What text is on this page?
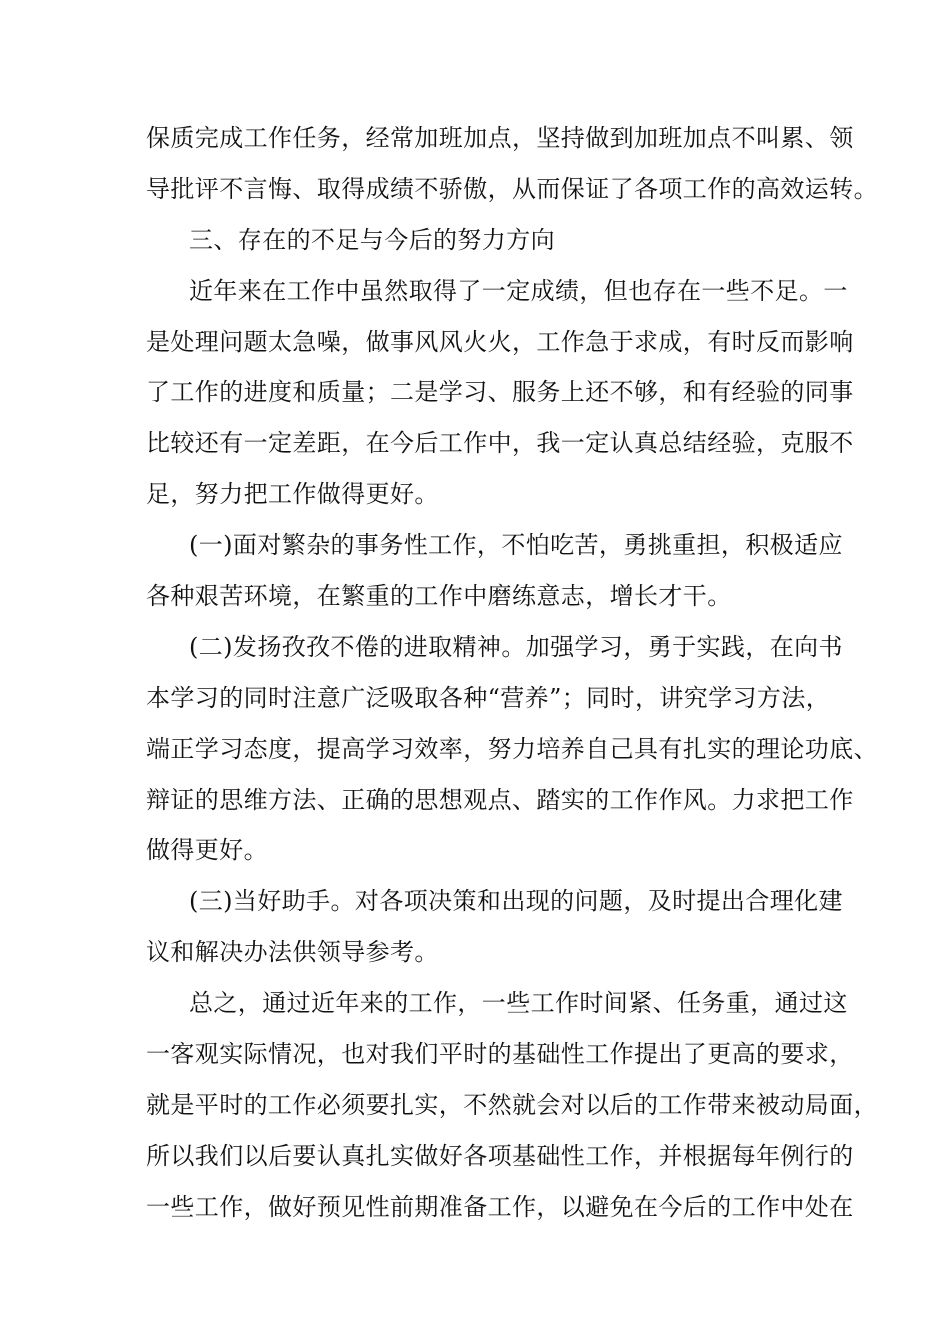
保质完成工作任务，经常加班加点，坚持做到加班加点不叫累、领
导批评不言悔、取得成绩不骄傲，从而保证了各项工作的高效运转。
三、存在的不足与今后的努力方向
近年来在工作中虽然取得了一定成绩，但也存在一些不足。一
是处理问题太急噪，做事风风火火，工作急于求成，有时反而影响
了工作的进度和质量；二是学习、服务上还不够，和有经验的同事
比较还有一定差距，在今后工作中，我一定认真总结经验，克服不
足，努力把工作做得更好。
(一)面对繁杂的事务性工作，不怕吃苦，勇挑重担，积极适应
各种艰苦环境，在繁重的工作中磨练意志，增长才干。
(二)发扬孜孜不倦的进取精神。加强学习，勇于实践，在向书
本学习的同时注意广泛吸取各种“营养”；同时，讲究学习方法，
端正学习态度，提高学习效率，努力培养自己具有扎实的理论功底、
辩证的思维方法、正确的思想观点、踏实的工作作风。力求把工作
做得更好。
(三)当好助手。对各项决策和出现的问题，及时提出合理化建
议和解决办法供领导参考。
总之，通过近年来的工作，一些工作时间紧、任务重，通过这
一客观实际情况，也对我们平时的基础性工作提出了更高的要求，
就是平时的工作必须要扎实，不然就会对以后的工作带来被动局面，
所以我们以后要认真扎实做好各项基础性工作，并根据每年例行的
一些工作，做好预见性前期准备工作，以避免在今后的工作中处在
